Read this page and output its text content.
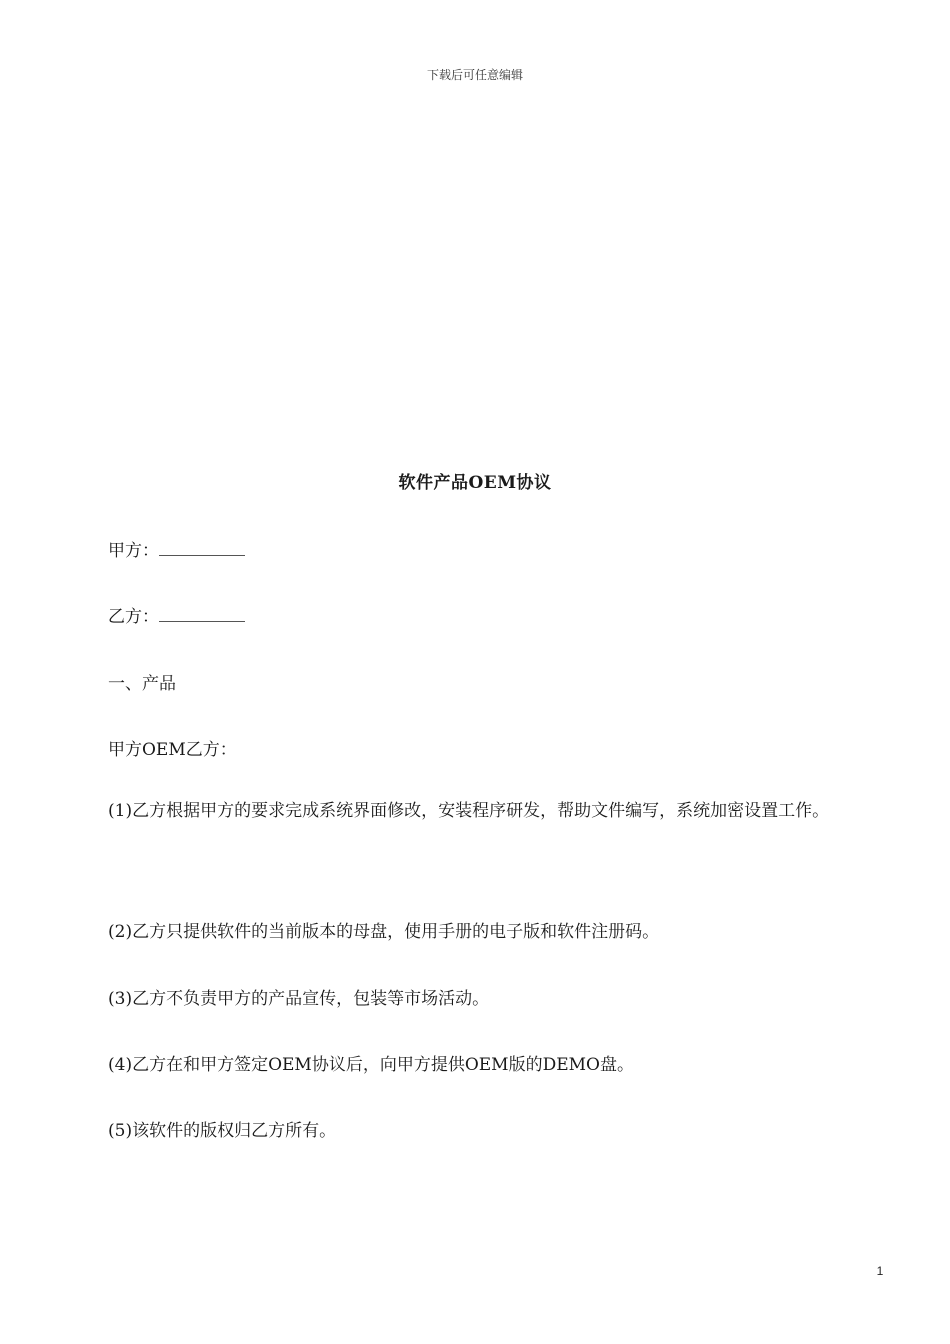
下载后可任意编辑
软件产品OEM协议
甲方：
乙方：
一、产品
甲方OEM乙方：
(1)乙方根据甲方的要求完成系统界面修改，安装程序研发，帮助文件编写，系统加密设置工作。
(2)乙方只提供软件的当前版本的母盘，使用手册的电子版和软件注册码。
(3)乙方不负责甲方的产品宣传，包装等市场活动。
(4)乙方在和甲方签定OEM协议后，向甲方提供OEM版的DEMO盘。
(5)该软件的版权归乙方所有。
1
